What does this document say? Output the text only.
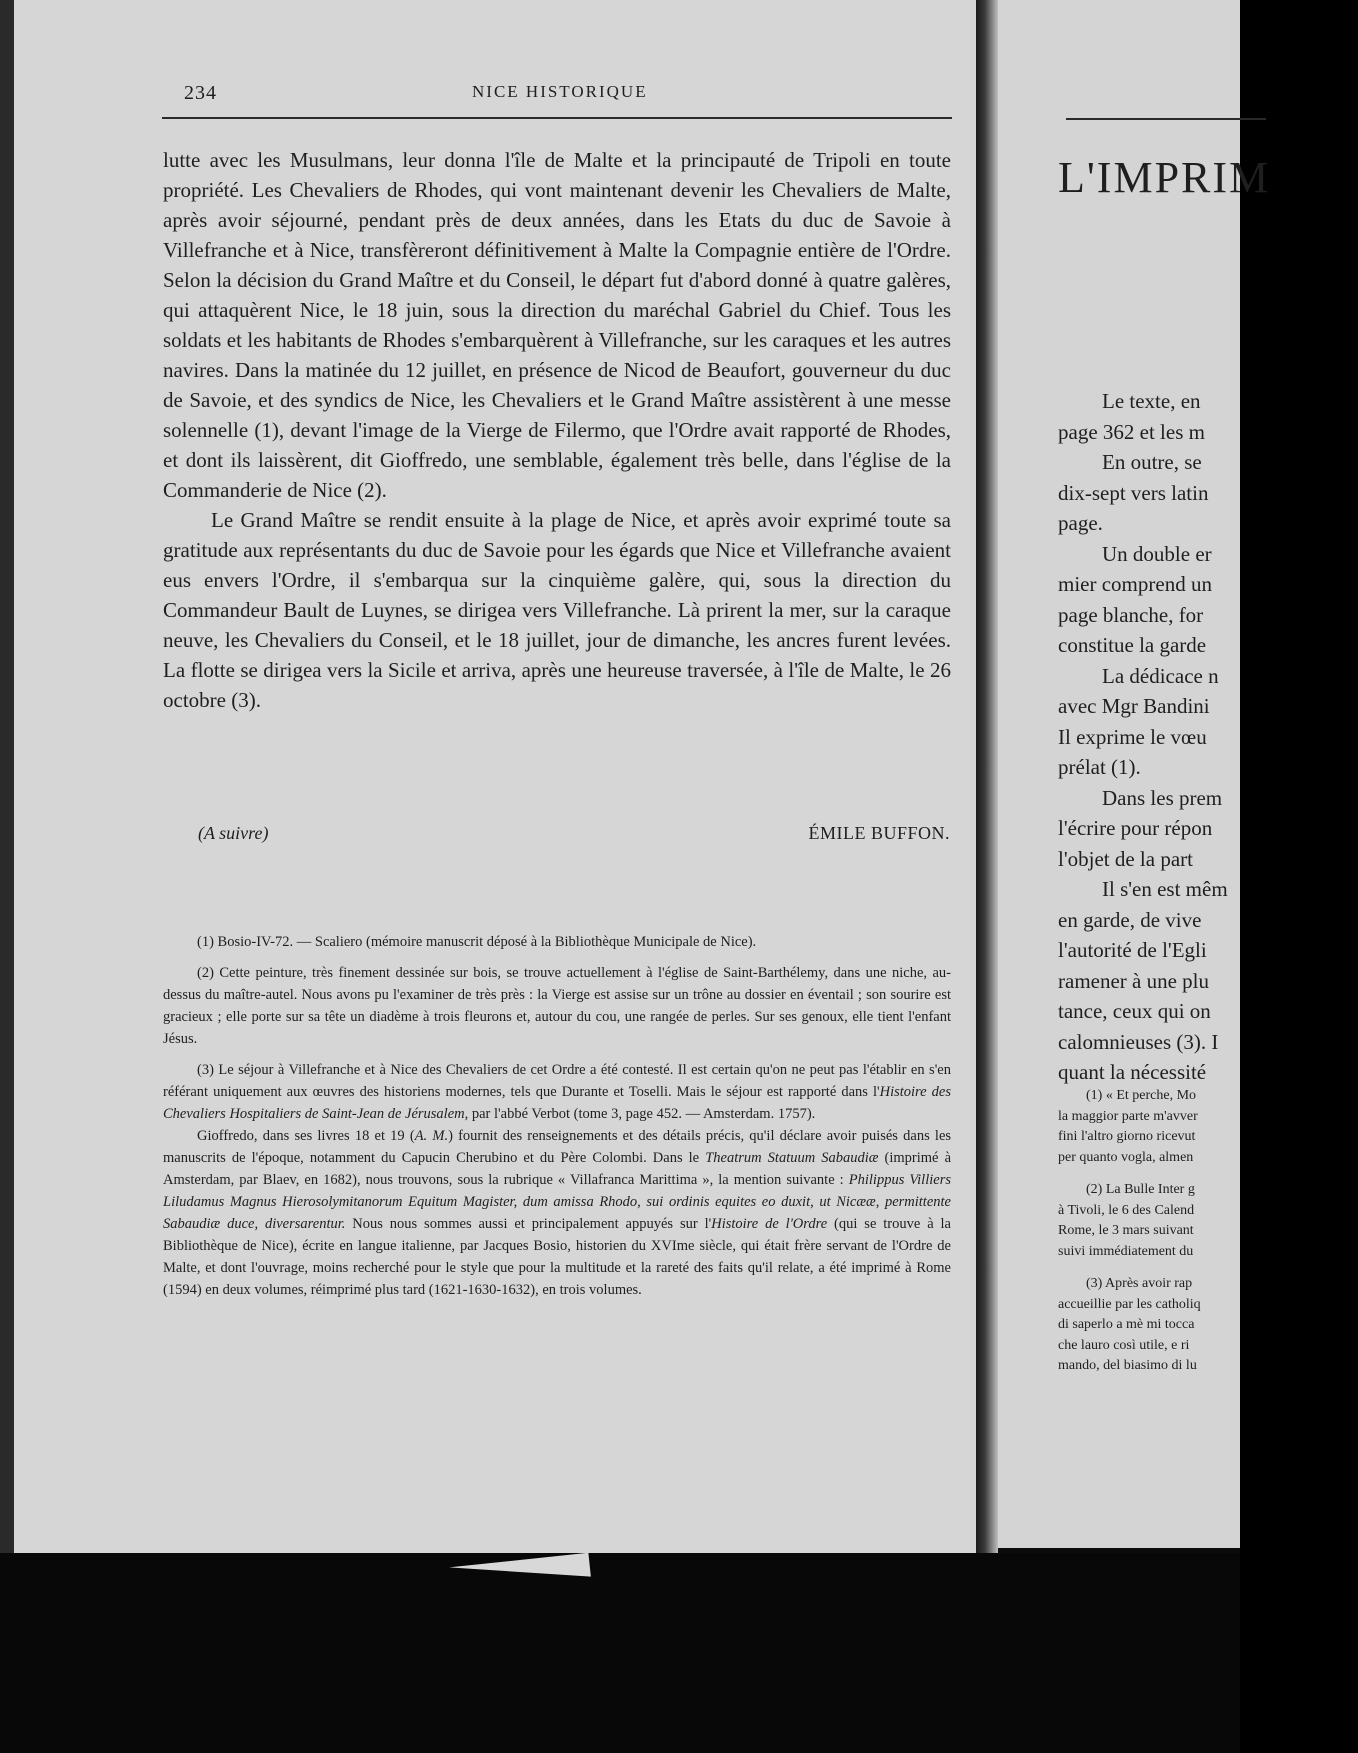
234	NICE HISTORIQUE

lutte avec les Musulmans, leur donna l'île de Malte et la principauté de Tripoli en toute propriété. Les Chevaliers de Rhodes, qui vont maintenant devenir les Chevaliers de Malte, après avoir séjourné, pendant près de deux années, dans les Etats du duc de Savoie à Villefranche et à Nice, transfèreront définitivement à Malte la Compagnie entière de l'Ordre. Selon la décision du Grand Maître et du Conseil, le départ fut d'abord donné à quatre galères, qui attaquèrent Nice, le 18 juin, sous la direction du maréchal Gabriel du Chief. Tous les soldats et les habitants de Rhodes s'embarquèrent à Villefranche, sur les caraques et les autres navires. Dans la matinée du 12 juillet, en présence de Nicod de Beaufort, gouverneur du duc de Savoie, et des syndics de Nice, les Chevaliers et le Grand Maître assistèrent à une messe solennelle (1), devant l'image de la Vierge de Filermo, que l'Ordre avait rapporté de Rhodes, et dont ils laissèrent, dit Gioffredo, une semblable, également très belle, dans l'église de la Commanderie de Nice (2).

Le Grand Maître se rendit ensuite à la plage de Nice, et après avoir exprimé toute sa gratitude aux représentants du duc de Savoie pour les égards que Nice et Villefranche avaient eus envers l'Ordre, il s'embarqua sur la cinquième galère, qui, sous la direction du Commandeur Bault de Luynes, se dirigea vers Villefranche. Là prirent la mer, sur la caraque neuve, les Chevaliers du Conseil, et le 18 juillet, jour de dimanche, les ancres furent levées. La flotte se dirigea vers la Sicile et arriva, après une heureuse traversée, à l'île de Malte, le 26 octobre (3).

(A suivre)	ÉMILE BUFFON.

(1) Bosio-IV-72. — Scaliero (mémoire manuscrit déposé à la Bibliothèque Municipale de Nice).

(2) Cette peinture, très finement dessinée sur bois, se trouve actuellement à l'église de Saint-Barthélemy, dans une niche, au-dessus du maître-autel. Nous avons pu l'examiner de très près : la Vierge est assise sur un trône au dossier en éventail ; son sourire est gracieux ; elle porte sur sa tête un diadème à trois fleurons et, autour du cou, une rangée de perles. Sur ses genoux, elle tient l'enfant Jésus.

(3) Le séjour à Villefranche et à Nice des Chevaliers de cet Ordre a été contesté. Il est certain qu'on ne peut pas l'établir en s'en référant uniquement aux œuvres des historiens modernes, tels que Durante et Toselli. Mais le séjour est rapporté dans l'Histoire des Chevaliers Hospitaliers de Saint-Jean de Jérusalem, par l'abbé Verbot (tome 3, page 452. — Amsterdam. 1757).

Gioffredo, dans ses livres 18 et 19 (A. M.) fournit des renseignements et des détails précis, qu'il déclare avoir puisés dans les manuscrits de l'époque, notamment du Capucin Cherubino et du Père Colombi. Dans le Theatrum Statuum Sabaudiæ (imprimé à Amsterdam, par Blaev, en 1682), nous trouvons, sous la rubrique « Villafranca Marittima », la mention suivante : Philippus Villiers Liludamus Magnus Hierosolymitanorum Equitum Magister, dum amissa Rhodo, sui ordinis equites eo duxit, ut Nicææ, permittente Sabaudiæ duce, diversarentur. Nous nous sommes aussi et principalement appuyés sur l'Histoire de l'Ordre (qui se trouve à la Bibliothèque de Nice), écrite en langue italienne, par Jacques Bosio, historien du XVIme siècle, qui était frère servant de l'Ordre de Malte, et dont l'ouvrage, moins recherché pour le style que pour la multitude et la rareté des faits qu'il relate, a été imprimé à Rome (1594) en deux volumes, réimprimé plus tard (1621-1630-1632), en trois volumes.

L'IMPRIM
Le texte, en
page 362 et les m
En outre, se
dix-sept vers latin
page.
Un double er
mier comprend un
page blanche, for
constitue la garde
La dédicace n
avec Mgr Bandini
Il exprime le vœu
prélat (1).
Dans les prem
l'écrire pour répon
l'objet de la part
Il s'en est mêm
en garde, de vive
l'autorité de l'Egli
ramener à une plu
tance, ceux qui on
calomnieuses (3). I
quant la nécessité
(1) « Et perche, Mo
la maggior parte m'avver
fini l'altro giorno ricevut
per quanto vogla, almen
(2) La Bulle Inter g
à Tivoli, le 6 des Calend
Rome, le 3 mars suivant
suivi immédiatement du
(3) Après avoir rap
accueillie par les catholiq
di saperlo a mè mi tocca
che lauro così utile, e ri
mando, del biasimo di lu
